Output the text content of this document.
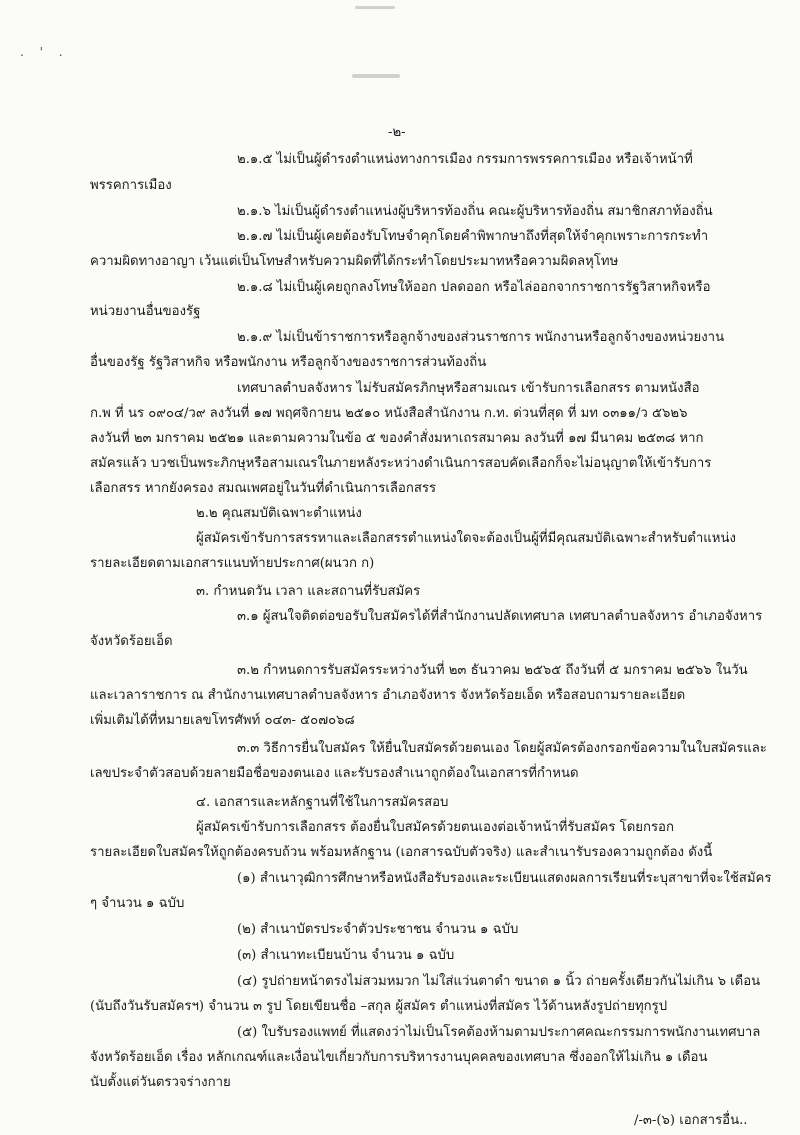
. ' .
-๒-
๒.๑.๕ ไม่เป็นผู้ดำรงตำแหน่งทางการเมือง กรรมการพรรคการเมือง หรือเจ้าหน้าที่
พรรคการเมือง
๒.๑.๖ ไม่เป็นผู้ดำรงตำแหน่งผู้บริหารท้องถิ่น คณะผู้บริหารท้องถิ่น สมาชิกสภาท้องถิ่น
๒.๑.๗ ไม่เป็นผู้เคยต้องรับโทษจำคุกโดยคำพิพากษาถึงที่สุดให้จำคุกเพราะการกระทำ
ความผิดทางอาญา เว้นแต่เป็นโทษสำหรับความผิดที่ได้กระทำโดยประมาทหรือความผิดลหุโทษ
๒.๑.๘ ไม่เป็นผู้เคยถูกลงโทษให้ออก ปลดออก หรือไล่ออกจากราชการรัฐวิสาหกิจหรือ
หน่วยงานอื่นของรัฐ
๒.๑.๙ ไม่เป็นข้าราชการหรือลูกจ้างของส่วนราชการ พนักงานหรือลูกจ้างของหน่วยงาน
อื่นของรัฐ รัฐวิสาหกิจ หรือพนักงาน หรือลูกจ้างของราชการส่วนท้องถิ่น
เทศบาลตำบลจังหาร ไม่รับสมัครภิกษุหรือสามเณร เข้ารับการเลือกสรร ตามหนังสือ
ก.พ ที่ นร ๐๙๐๔/ว๙ ลงวันที่ ๑๗ พฤศจิกายน ๒๕๑๐ หนังสือสำนักงาน ก.ท. ด่วนที่สุด ที่ มท ๐๓๑๑/ว ๕๖๒๖
ลงวันที่ ๒๓ มกราคม ๒๕๒๑ และตามความในข้อ ๕ ของคำสั่งมหาเถรสมาคม ลงวันที่ ๑๗ มีนาคม ๒๕๓๘ หาก
สมัครแล้ว บวชเป็นพระภิกษุหรือสามเณรในภายหลังระหว่างดำเนินการสอบคัดเลือกก็จะไม่อนุญาตให้เข้ารับการ
เลือกสรร หากยังครอง สมณเพศอยู่ในวันที่ดำเนินการเลือกสรร
๒.๒ คุณสมบัติเฉพาะตำแหน่ง
ผู้สมัครเข้ารับการสรรหาและเลือกสรรตำแหน่งใดจะต้องเป็นผู้ที่มีคุณสมบัติเฉพาะสำหรับตำแหน่ง
รายละเอียดตามเอกสารแนบท้ายประกาศ(ผนวก ก)
๓. กำหนดวัน เวลา และสถานที่รับสมัคร
๓.๑ ผู้สนใจติดต่อขอรับใบสมัครได้ที่สำนักงานปลัดเทศบาล เทศบาลตำบลจังหาร อำเภอจังหาร
จังหวัดร้อยเอ็ด
๓.๒ กำหนดการรับสมัครระหว่างวันที่ ๒๓ ธันวาคม ๒๕๖๕ ถึงวันที่ ๕ มกราคม ๒๕๖๖ ในวัน
และเวลาราชการ ณ สำนักงานเทศบาลตำบลจังหาร อำเภอจังหาร จังหวัดร้อยเอ็ด หรือสอบถามรายละเอียด
เพิ่มเติมได้ที่หมายเลขโทรศัพท์ ๐๔๓- ๕๐๗๐๖๘
๓.๓ วิธีการยื่นใบสมัคร ให้ยื่นใบสมัครด้วยตนเอง โดยผู้สมัครต้องกรอกข้อความในใบสมัครและ
เลขประจำตัวสอบด้วยลายมือชื่อของตนเอง และรับรองสำเนาถูกต้องในเอกสารที่กำหนด
๔. เอกสารและหลักฐานที่ใช้ในการสมัครสอบ
ผู้สมัครเข้ารับการเลือกสรร ต้องยื่นใบสมัครด้วยตนเองต่อเจ้าหน้าที่รับสมัคร โดยกรอก
รายละเอียดใบสมัครให้ถูกต้องครบถ้วน พร้อมหลักฐาน (เอกสารฉบับตัวจริง) และสำเนารับรองความถูกต้อง ดังนี้
(๑) สำเนาวุฒิการศึกษาหรือหนังสือรับรองและระเบียนแสดงผลการเรียนที่ระบุสาขาที่จะใช้สมัคร
ๆ จำนวน ๑ ฉบับ
(๒) สำเนาบัตรประจำตัวประชาชน จำนวน ๑ ฉบับ
(๓) สำเนาทะเบียนบ้าน จำนวน ๑ ฉบับ
(๔) รูปถ่ายหน้าตรงไม่สวมหมวก ไม่ใส่แว่นตาดำ ขนาด ๑ นิ้ว ถ่ายครั้งเดียวกันไม่เกิน ๖ เดือน
(นับถึงวันรับสมัครฯ) จำนวน ๓ รูป โดยเขียนชื่อ –สกุล ผู้สมัคร ตำแหน่งที่สมัคร ไว้ด้านหลังรูปถ่ายทุกรูป
(๕) ใบรับรองแพทย์ ที่แสดงว่าไม่เป็นโรคต้องห้ามตามประกาศคณะกรรมการพนักงานเทศบาล
จังหวัดร้อยเอ็ด เรื่อง หลักเกณฑ์และเงื่อนไขเกี่ยวกับการบริหารงานบุคคลของเทศบาล ซึ่งออกให้ไม่เกิน ๑ เดือน
นับตั้งแต่วันตรวจร่างกาย
/-๓-(๖) เอกสารอื่น..
